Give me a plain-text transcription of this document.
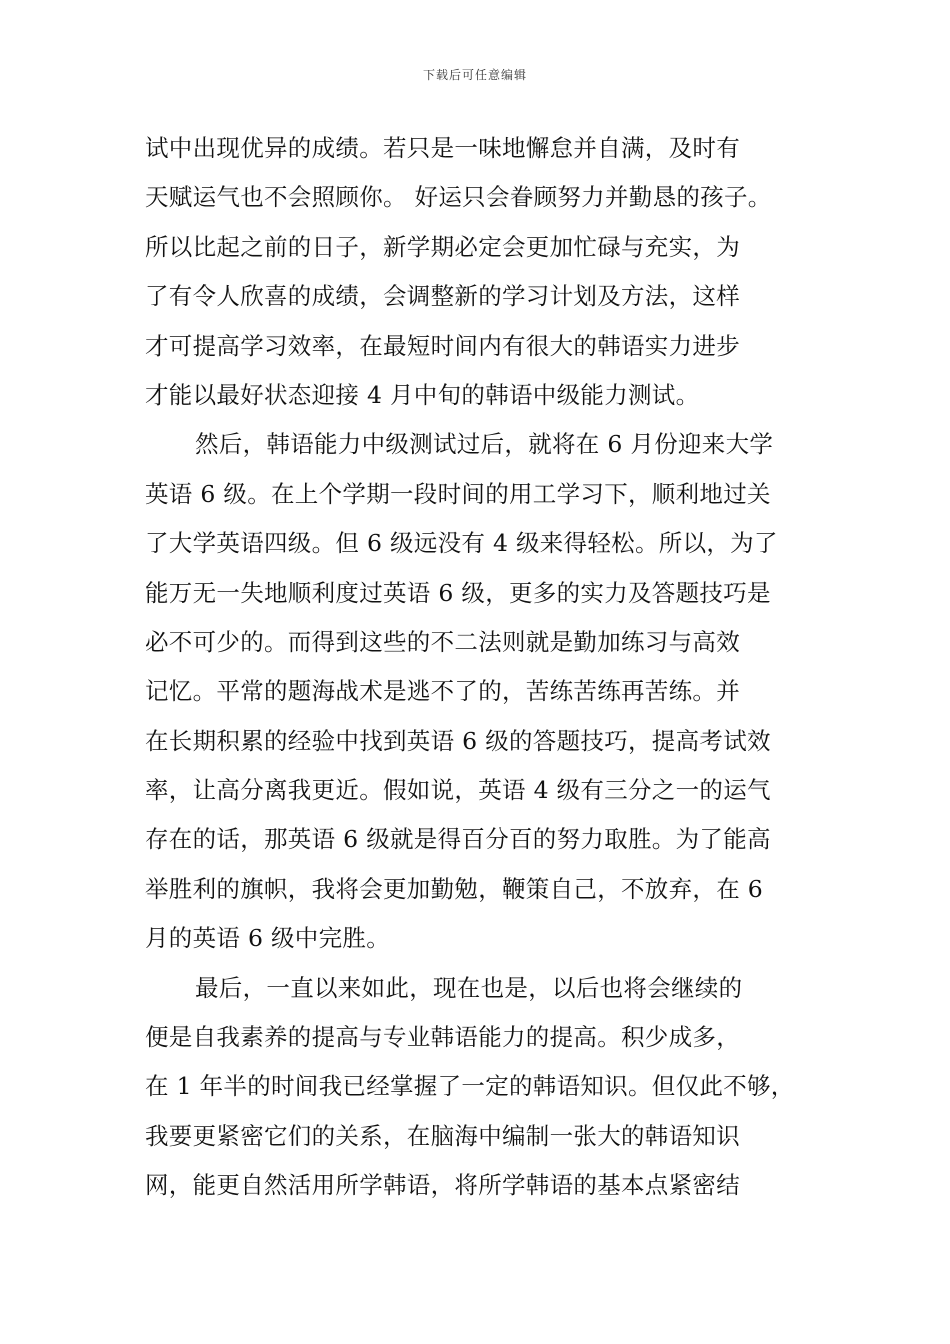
下载后可任意编辑
试中出现优异的成绩。若只是一味地懈怠并自满，及时有
天赋运气也不会照顾你。 好运只会眷顾努力并勤恳的孩子。
所以比起之前的日子，新学期必定会更加忙碌与充实，为
了有令人欣喜的成绩，会调整新的学习计划及方法，这样
才可提高学习效率，在最短时间内有很大的韩语实力进步
才能以最好状态迎接 4 月中旬的韩语中级能力测试。
然后，韩语能力中级测试过后，就将在 6 月份迎来大学
英语 6 级。在上个学期一段时间的用工学习下，顺利地过关
了大学英语四级。但 6 级远没有 4 级来得轻松。所以，为了
能万无一失地顺利度过英语 6 级，更多的实力及答题技巧是
必不可少的。而得到这些的不二法则就是勤加练习与高效
记忆。平常的题海战术是逃不了的，苦练苦练再苦练。并
在长期积累的经验中找到英语 6 级的答题技巧，提高考试效
率，让高分离我更近。假如说，英语 4 级有三分之一的运气
存在的话，那英语 6 级就是得百分百的努力取胜。为了能高
举胜利的旗帜，我将会更加勤勉，鞭策自己，不放弃，在 6
月的英语 6 级中完胜。
最后，一直以来如此，现在也是，以后也将会继续的
便是自我素养的提高与专业韩语能力的提高。积少成多，
在 1 年半的时间我已经掌握了一定的韩语知识。但仅此不够，
我要更紧密它们的关系，在脑海中编制一张大的韩语知识
网，能更自然活用所学韩语，将所学韩语的基本点紧密结
